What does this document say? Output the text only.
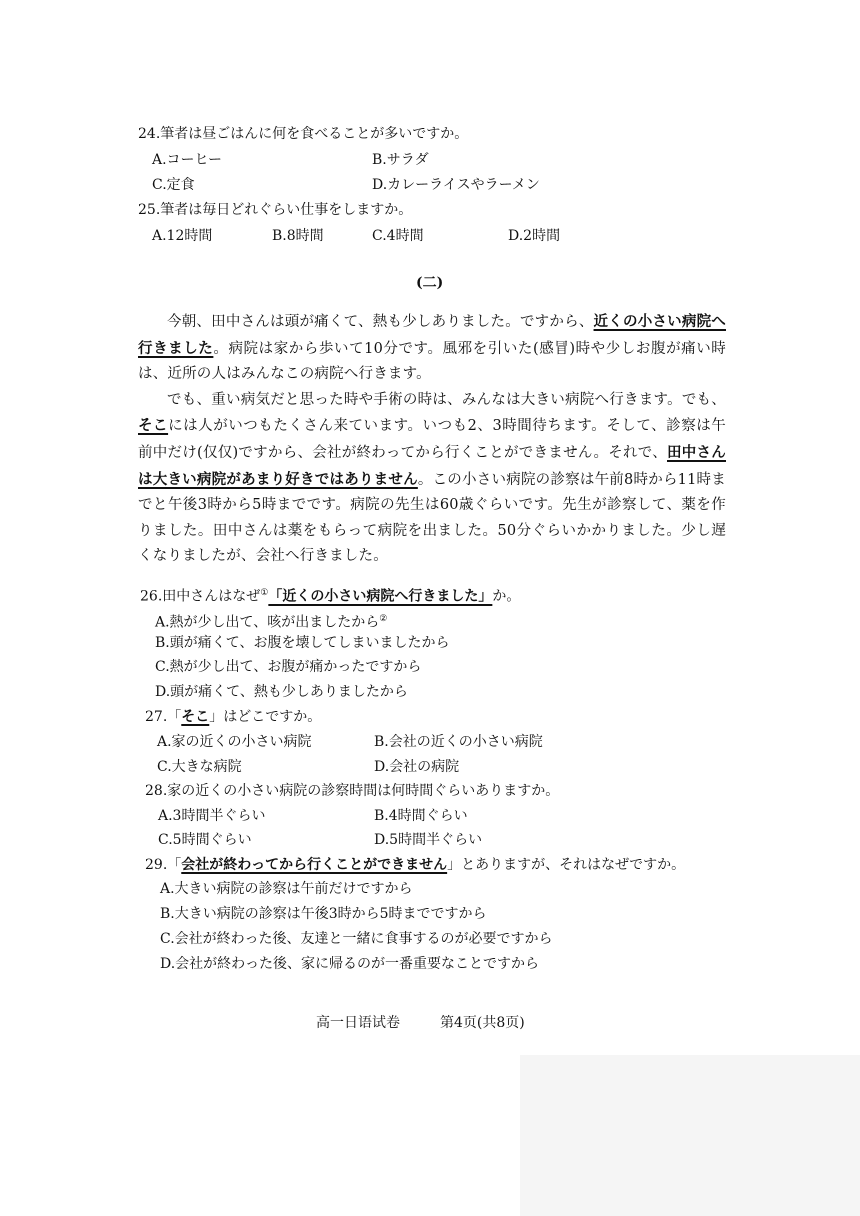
24.筆者は昼ごはんに何を食べることが多いですか。
A.コーヒー	B.サラダ
C.定食	D.カレーライスやラーメン
25.筆者は毎日どれぐらい仕事をしますか。
A.12時間	B.8時間	C.4時間	D.2時間
(二)

今朝、田中さんは頭が痛くて、熱も少しありました。ですから、近くの小さい病院へ行きました。病院は家から歩いて10分です。風邪を引いた(感冒)時や少しお腹が痛い時は、近所の人はみんなこの病院へ行きます。

でも、重い病気だと思った時や手術の時は、みんなは大きい病院へ行きます。でも、そこには人がいつもたくさん来ています。いつも2、3時間待ちます。そして、診察は午前中だけ(仅仅)ですから、会社が終わってから行くことができません。それで、田中さんは大きい病院があまり好きではありません。この小さい病院の診察は午前8時から11時までと午後3時から5時までです。病院の先生は60歳ぐらいです。先生が診察して、薬を作りました。田中さんは薬をもらって病院を出ました。50分ぐらいかかりました。少し遅くなりましたが、会社へ行きました。

26.田中さんはなぜ①「近くの小さい病院へ行きました」か。
A.熱が少し出て、咳が出ましたから②
B.頭が痛くて、お腹を壊してしまいましたから
C.熱が少し出て、お腹が痛かったですから
D.頭が痛くて、熱も少しありましたから
27.「そこ」はどこですか。
A.家の近くの小さい病院	B.会社の近くの小さい病院
C.大きな病院	D.会社の病院
28.家の近くの小さい病院の診察時間は何時間ぐらいありますか。
A.3時間半ぐらい	B.4時間ぐらい
C.5時間ぐらい	D.5時間半ぐらい
29.「会社が終わってから行くことができません」とありますが、それはなぜですか。
A.大きい病院の診察は午前だけですから
B.大きい病院の診察は午後3時から5時までですから
C.会社が終わった後、友達と一緒に食事するのが必要ですから
D.会社が終わった後、家に帰るのが一番重要なことですから
高一日语试卷	第4页(共8页)
